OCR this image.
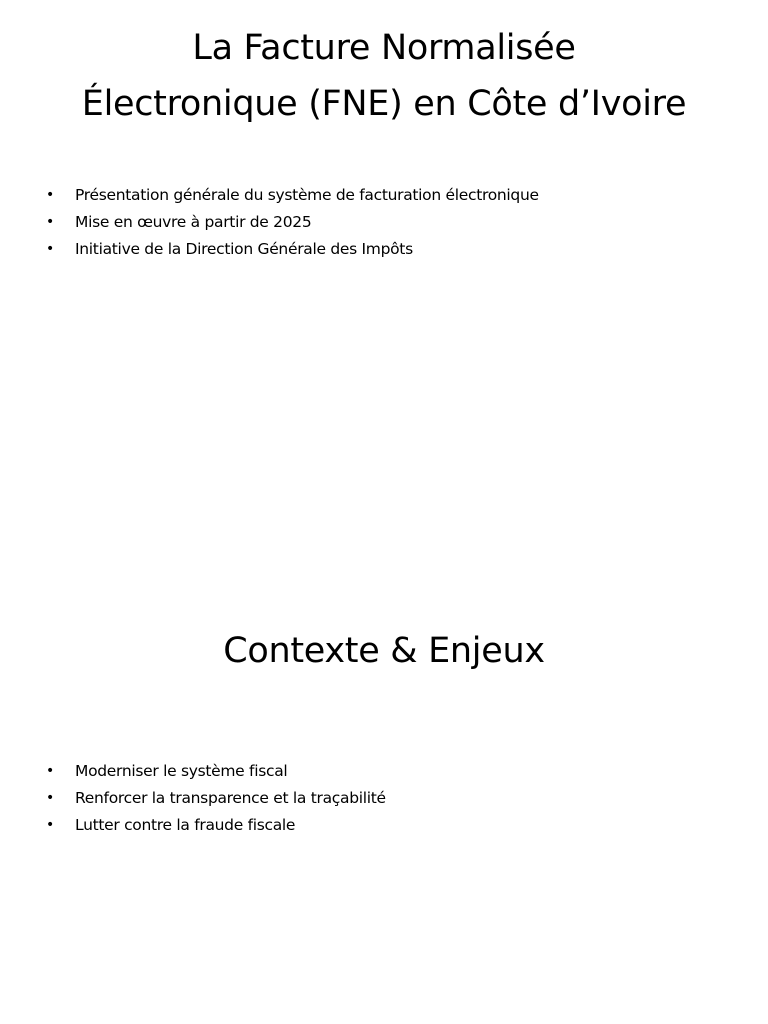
La Facture Normalisée
Électronique (FNE) en Côte d’Ivoire
• Présentation générale du système de facturation électronique
• Mise en œuvre à partir de 2025
• Initiative de la Direction Générale des Impôts
Contexte & Enjeux
• Moderniser le système fiscal
• Renforcer la transparence et la traçabilité
• Lutter contre la fraude fiscale
